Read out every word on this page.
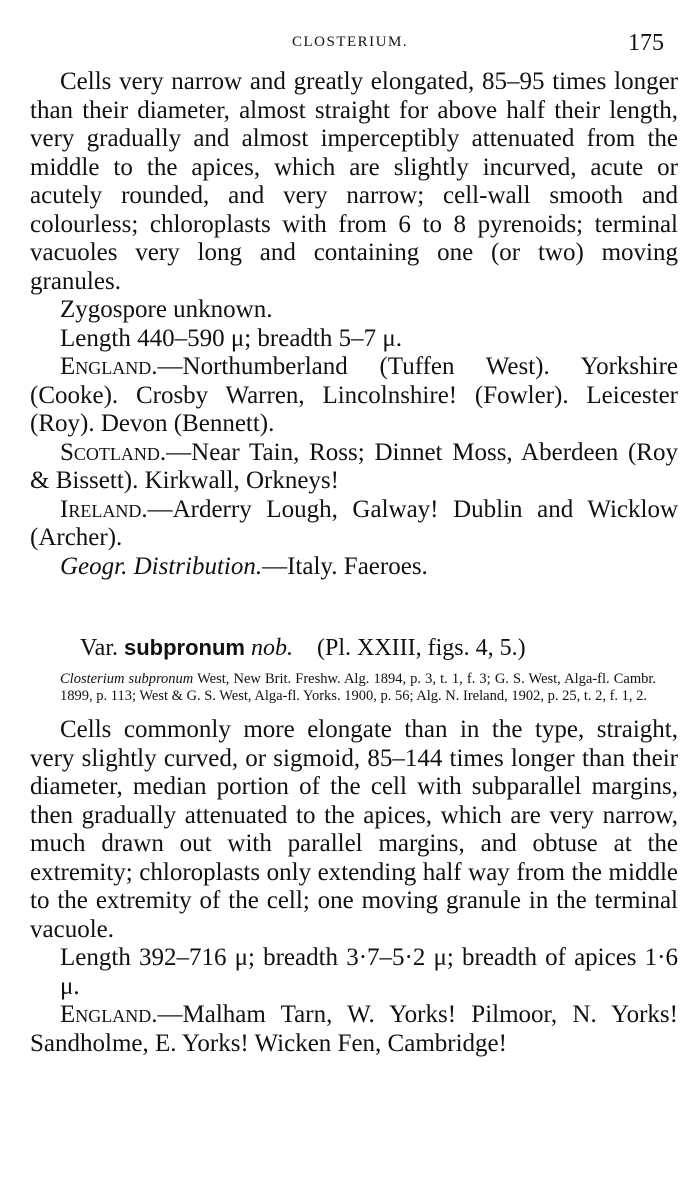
CLOSTERIUM.	175

Cells very narrow and greatly elongated, 85–95 times longer than their diameter, almost straight for above half their length, very gradually and almost imperceptibly attenuated from the middle to the apices, which are slightly incurved, acute or acutely rounded, and very narrow; cell-wall smooth and colourless; chloroplasts with from 6 to 8 pyrenoids; terminal vacuoles very long and containing one (or two) moving granules.

Zygospore unknown.

Length 440–590 μ; breadth 5–7 μ.

England.—Northumberland (Tuffen West). Yorkshire (Cooke). Crosby Warren, Lincolnshire! (Fowler). Leicester (Roy). Devon (Bennett).

Scotland.—Near Tain, Ross; Dinnet Moss, Aberdeen (Roy & Bissett). Kirkwall, Orkneys!

Ireland.—Arderry Lough, Galway! Dublin and Wicklow (Archer).

Geogr. Distribution.—Italy. Faeroes.

Var. subpronum nob. (Pl. XXIII, figs. 4, 5.)

Closterium subpronum West, New Brit. Freshw. Alg. 1894, p. 3, t. 1, f. 3; G. S. West, Alga-fl. Cambr. 1899, p. 113; West & G. S. West, Alga-fl. Yorks. 1900, p. 56; Alg. N. Ireland, 1902, p. 25, t. 2, f. 1, 2.

Cells commonly more elongate than in the type, straight, very slightly curved, or sigmoid, 85–144 times longer than their diameter, median portion of the cell with subparallel margins, then gradually attenuated to the apices, which are very narrow, much drawn out with parallel margins, and obtuse at the extremity; chloroplasts only extending half way from the middle to the extremity of the cell; one moving granule in the terminal vacuole.

Length 392–716 μ; breadth 3·7–5·2 μ; breadth of apices 1·6 μ.

England.—Malham Tarn, W. Yorks! Pilmoor, N. Yorks! Sandholme, E. Yorks! Wicken Fen, Cambridge!
